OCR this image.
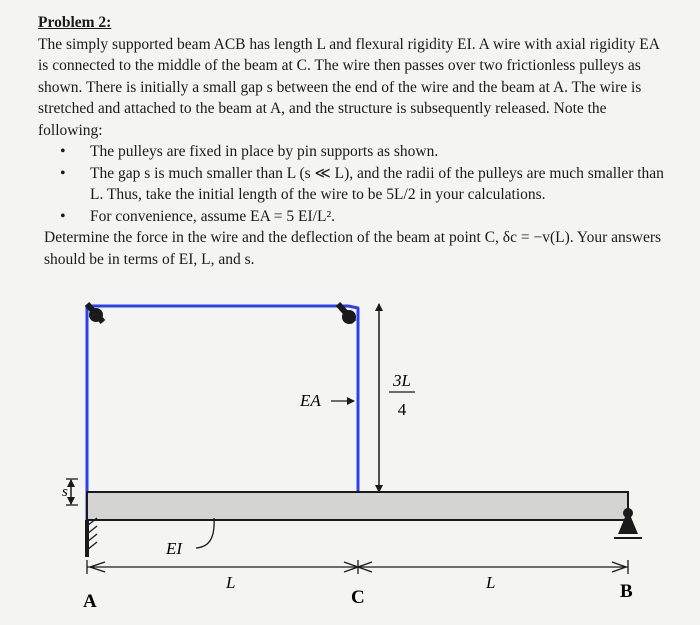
Problem 2:
The simply supported beam ACB has length L and flexural rigidity EI. A wire with axial rigidity EA is connected to the middle of the beam at C. The wire then passes over two frictionless pulleys as shown. There is initially a small gap s between the end of the wire and the beam at A. The wire is stretched and attached to the beam at A, and the structure is subsequently released. Note the following:
• The pulleys are fixed in place by pin supports as shown.
• The gap s is much smaller than L (s ≪ L), and the radii of the pulleys are much smaller than L. Thus, take the initial length of the wire to be 5L/2 in your calculations.
• For convenience, assume EA = 5 EI/L².
Determine the force in the wire and the deflection of the beam at point C, δc = −v(L). Your answers should be in terms of EI, L, and s.
3L
4
EA
s
EI
L	L
A	C	B
